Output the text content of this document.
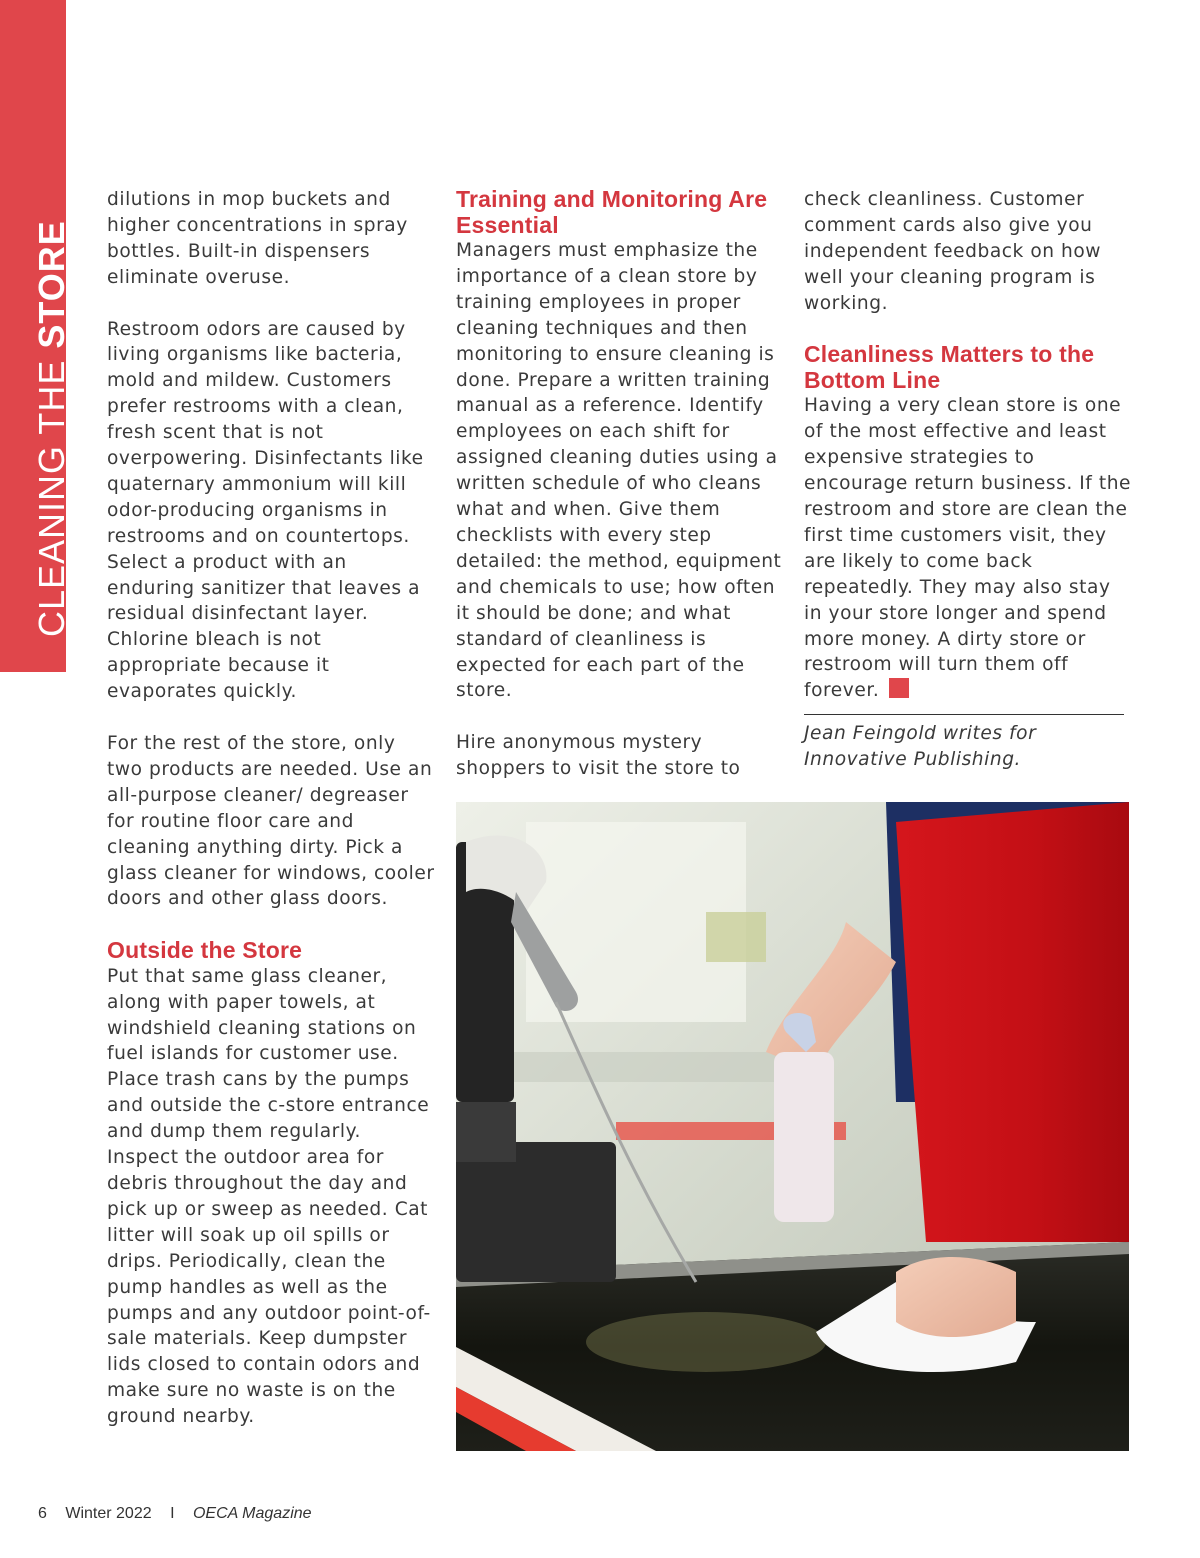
CLEANING THE STORE

dilutions in mop buckets and higher concentrations in spray bottles. Built-in dispensers eliminate overuse.

Restroom odors are caused by living organisms like bacteria, mold and mildew. Customers prefer restrooms with a clean, fresh scent that is not overpowering. Disinfectants like quaternary ammonium will kill odor-producing organisms in restrooms and on countertops. Select a product with an enduring sanitizer that leaves a residual disinfectant layer. Chlorine bleach is not appropriate because it evaporates quickly.

For the rest of the store, only two products are needed. Use an all-purpose cleaner/ degreaser for routine floor care and cleaning anything dirty. Pick a glass cleaner for windows, cooler doors and other glass doors.

Outside the Store

Put that same glass cleaner, along with paper towels, at windshield cleaning stations on fuel islands for customer use. Place trash cans by the pumps and outside the c-store entrance and dump them regularly. Inspect the outdoor area for debris throughout the day and pick up or sweep as needed. Cat litter will soak up oil spills or drips. Periodically, clean the pump handles as well as the pumps and any outdoor point-of-sale materials. Keep dumpster lids closed to contain odors and make sure no waste is on the ground nearby.

Training and Monitoring Are Essential

Managers must emphasize the importance of a clean store by training employees in proper cleaning techniques and then monitoring to ensure cleaning is done. Prepare a written training manual as a reference. Identify employees on each shift for assigned cleaning duties using a written schedule of who cleans what and when. Give them checklists with every step detailed: the method, equipment and chemicals to use; how often it should be done; and what standard of cleanliness is expected for each part of the store.

Hire anonymous mystery shoppers to visit the store to

check cleanliness. Customer comment cards also give you independent feedback on how well your cleaning program is working.

Cleanliness Matters to the Bottom Line

Having a very clean store is one of the most effective and least expensive strategies to encourage return business. If the restroom and store are clean the first time customers visit, they are likely to come back repeatedly. They may also stay in your store longer and spend more money. A dirty store or restroom will turn them off forever.

Jean Feingold writes for Innovative Publishing.

6 Winter 2022 I OECA Magazine
